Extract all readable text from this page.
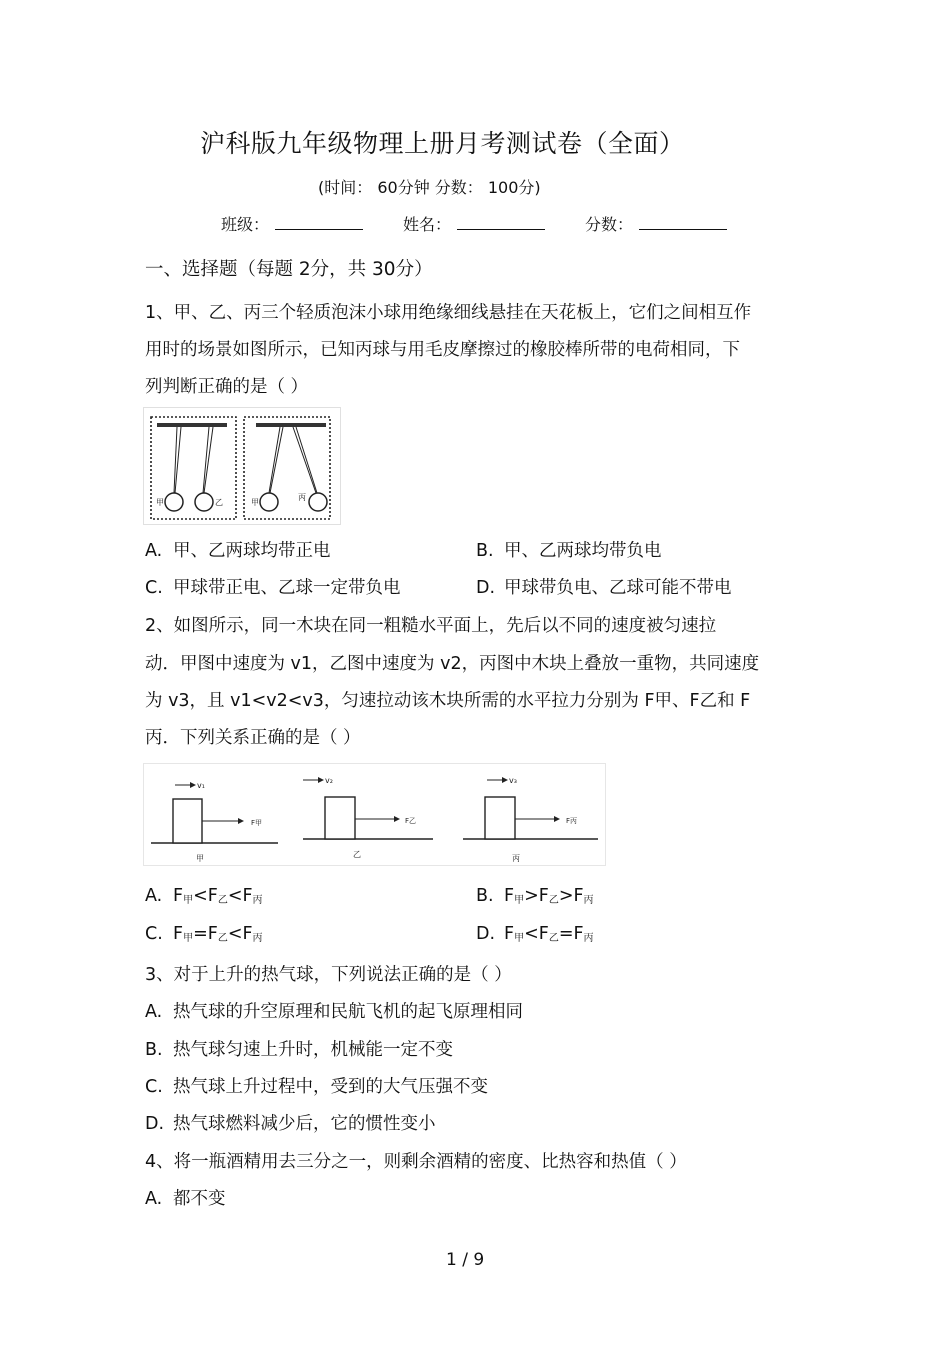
沪科版九年级物理上册月考测试卷（全面）
(时间： 60分钟 分数： 100分)
班级：	姓名：	分数：
一、选择题（每题 2分，共 30分）
1、甲、乙、丙三个轻质泡沫小球用绝缘细线悬挂在天花板上，它们之间相互作
用时的场景如图所示，已知丙球与用毛皮摩擦过的橡胶棒所带的电荷相同，下
列判断正确的是（ ）
甲	乙	甲
丙
A. 甲、乙两球均带正电	B. 甲、乙两球均带负电
C. 甲球带正电、乙球一定带负电	D. 甲球带负电、乙球可能不带电
2、如图所示，同一木块在同一粗糙水平面上，先后以不同的速度被匀速拉
动．甲图中速度为 v1，乙图中速度为 v2，丙图中木块上叠放一重物，共同速度
为 v3，且 v1<v2<v3，匀速拉动该木块所需的水平拉力分别为 F甲、F乙和 F
丙．下列关系正确的是（ ）
v₁
F甲
甲
v₂
F乙
乙
v₃
F丙
丙
A. $F_甲<F_乙<F_丙$	B. $F_甲>F_乙>F_丙$
C. $F_甲=F_乙<F_丙$	D. $F_甲<F_乙=F_丙$
3、对于上升的热气球，下列说法正确的是（ ）
A. 热气球的升空原理和民航飞机的起飞原理相同
B. 热气球匀速上升时，机械能一定不变
C. 热气球上升过程中，受到的大气压强不变
D. 热气球燃料减少后，它的惯性变小
4、将一瓶酒精用去三分之一，则剩余酒精的密度、比热容和热值（ ）
A. 都不变
1 / 9
